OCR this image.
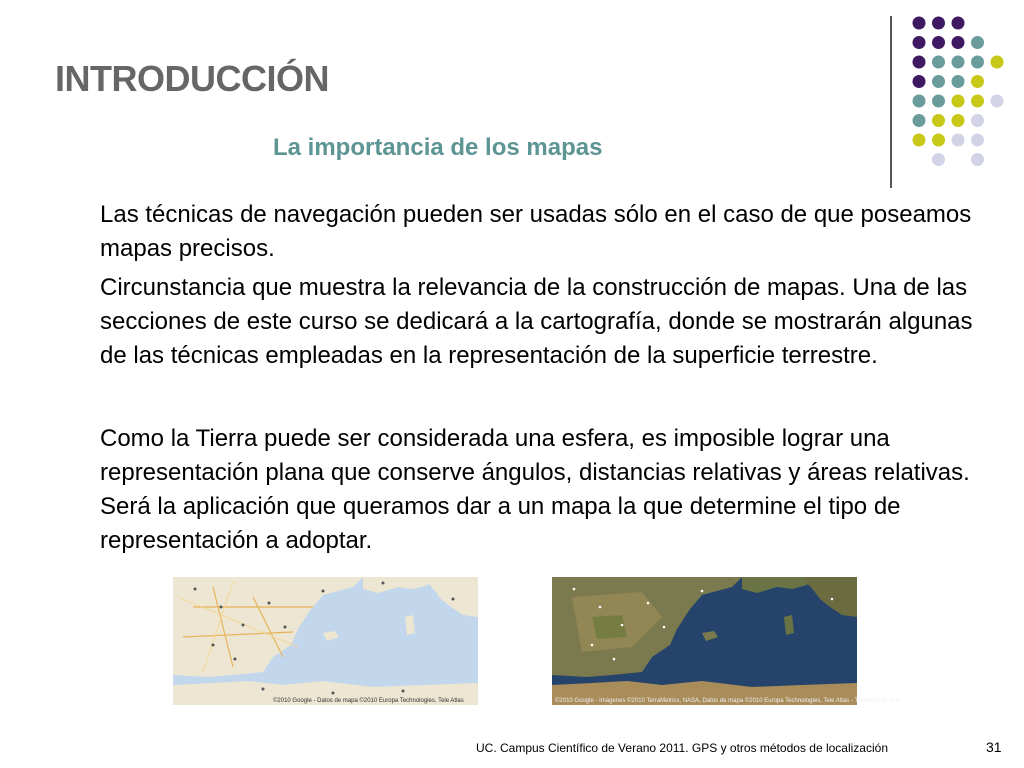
INTRODUCCIÓN
La importancia de los mapas

Las técnicas de navegación pueden ser usadas sólo en el caso de que poseamos mapas precisos.

Circunstancia que muestra la relevancia de la construcción de mapas. Una de las secciones de este curso se dedicará a la cartografía, donde se mostrarán algunas de las técnicas empleadas en la representación de la superficie terrestre.

Como la Tierra puede ser considerada una esfera, es imposible lograr una representación plana que conserve ángulos, distancias relativas y áreas relativas. Será la aplicación que queramos dar a un mapa la que determine el tipo de representación a adoptar.

©2010 Google - Datos de mapa ©2010 Europa Technologies, Tele Atlas	©2010 Google - Imágenes ©2010 TerraMetrics, NASA, Datos de mapa ©2010 Europa Technologies, Tele Atlas - Términos de uso
UC. Campus Científico de Verano 2011. GPS y otros métodos de localización	31
